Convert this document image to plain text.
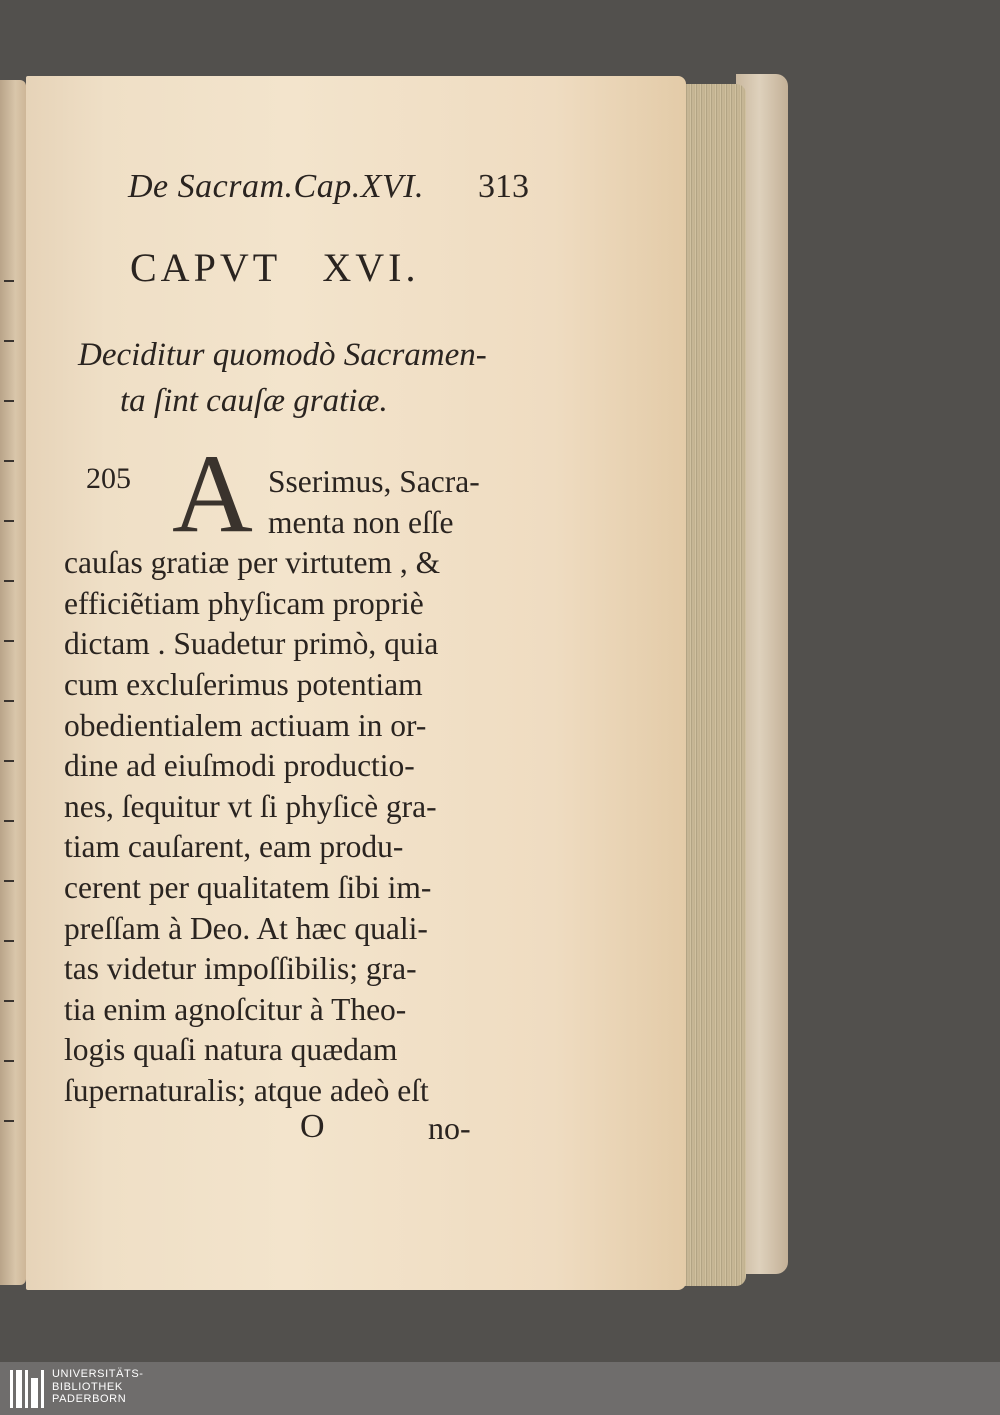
De Sacram.Cap.XVI. 313
CAPVT   XVI.
Deciditur quomodò Sacramen-
ta ſint cauſæ gratiæ.
205 A Sserimus, Sacra-
menta non eſſe
cauſas gratiæ per virtutem , &
efficiẽtiam phyſicam propriè
dictam . Suadetur primò, quia
cum excluſerimus potentiam
obedientialem actiuam in or-
dine ad eiuſmodi productio-
nes, ſequitur vt ſi phyſicè gra-
tiam cauſarent, eam produ-
cerent per qualitatem ſibi im-
preſſam à Deo. At hæc quali-
tas videtur impoſſibilis; gra-
tia enim agnoſcitur à Theo-
logis quaſi natura quædam
ſupernaturalis; atque adeò eſt
O	no-
UNIVERSITÄTS-
BIBLIOTHEK
PADERBORN
